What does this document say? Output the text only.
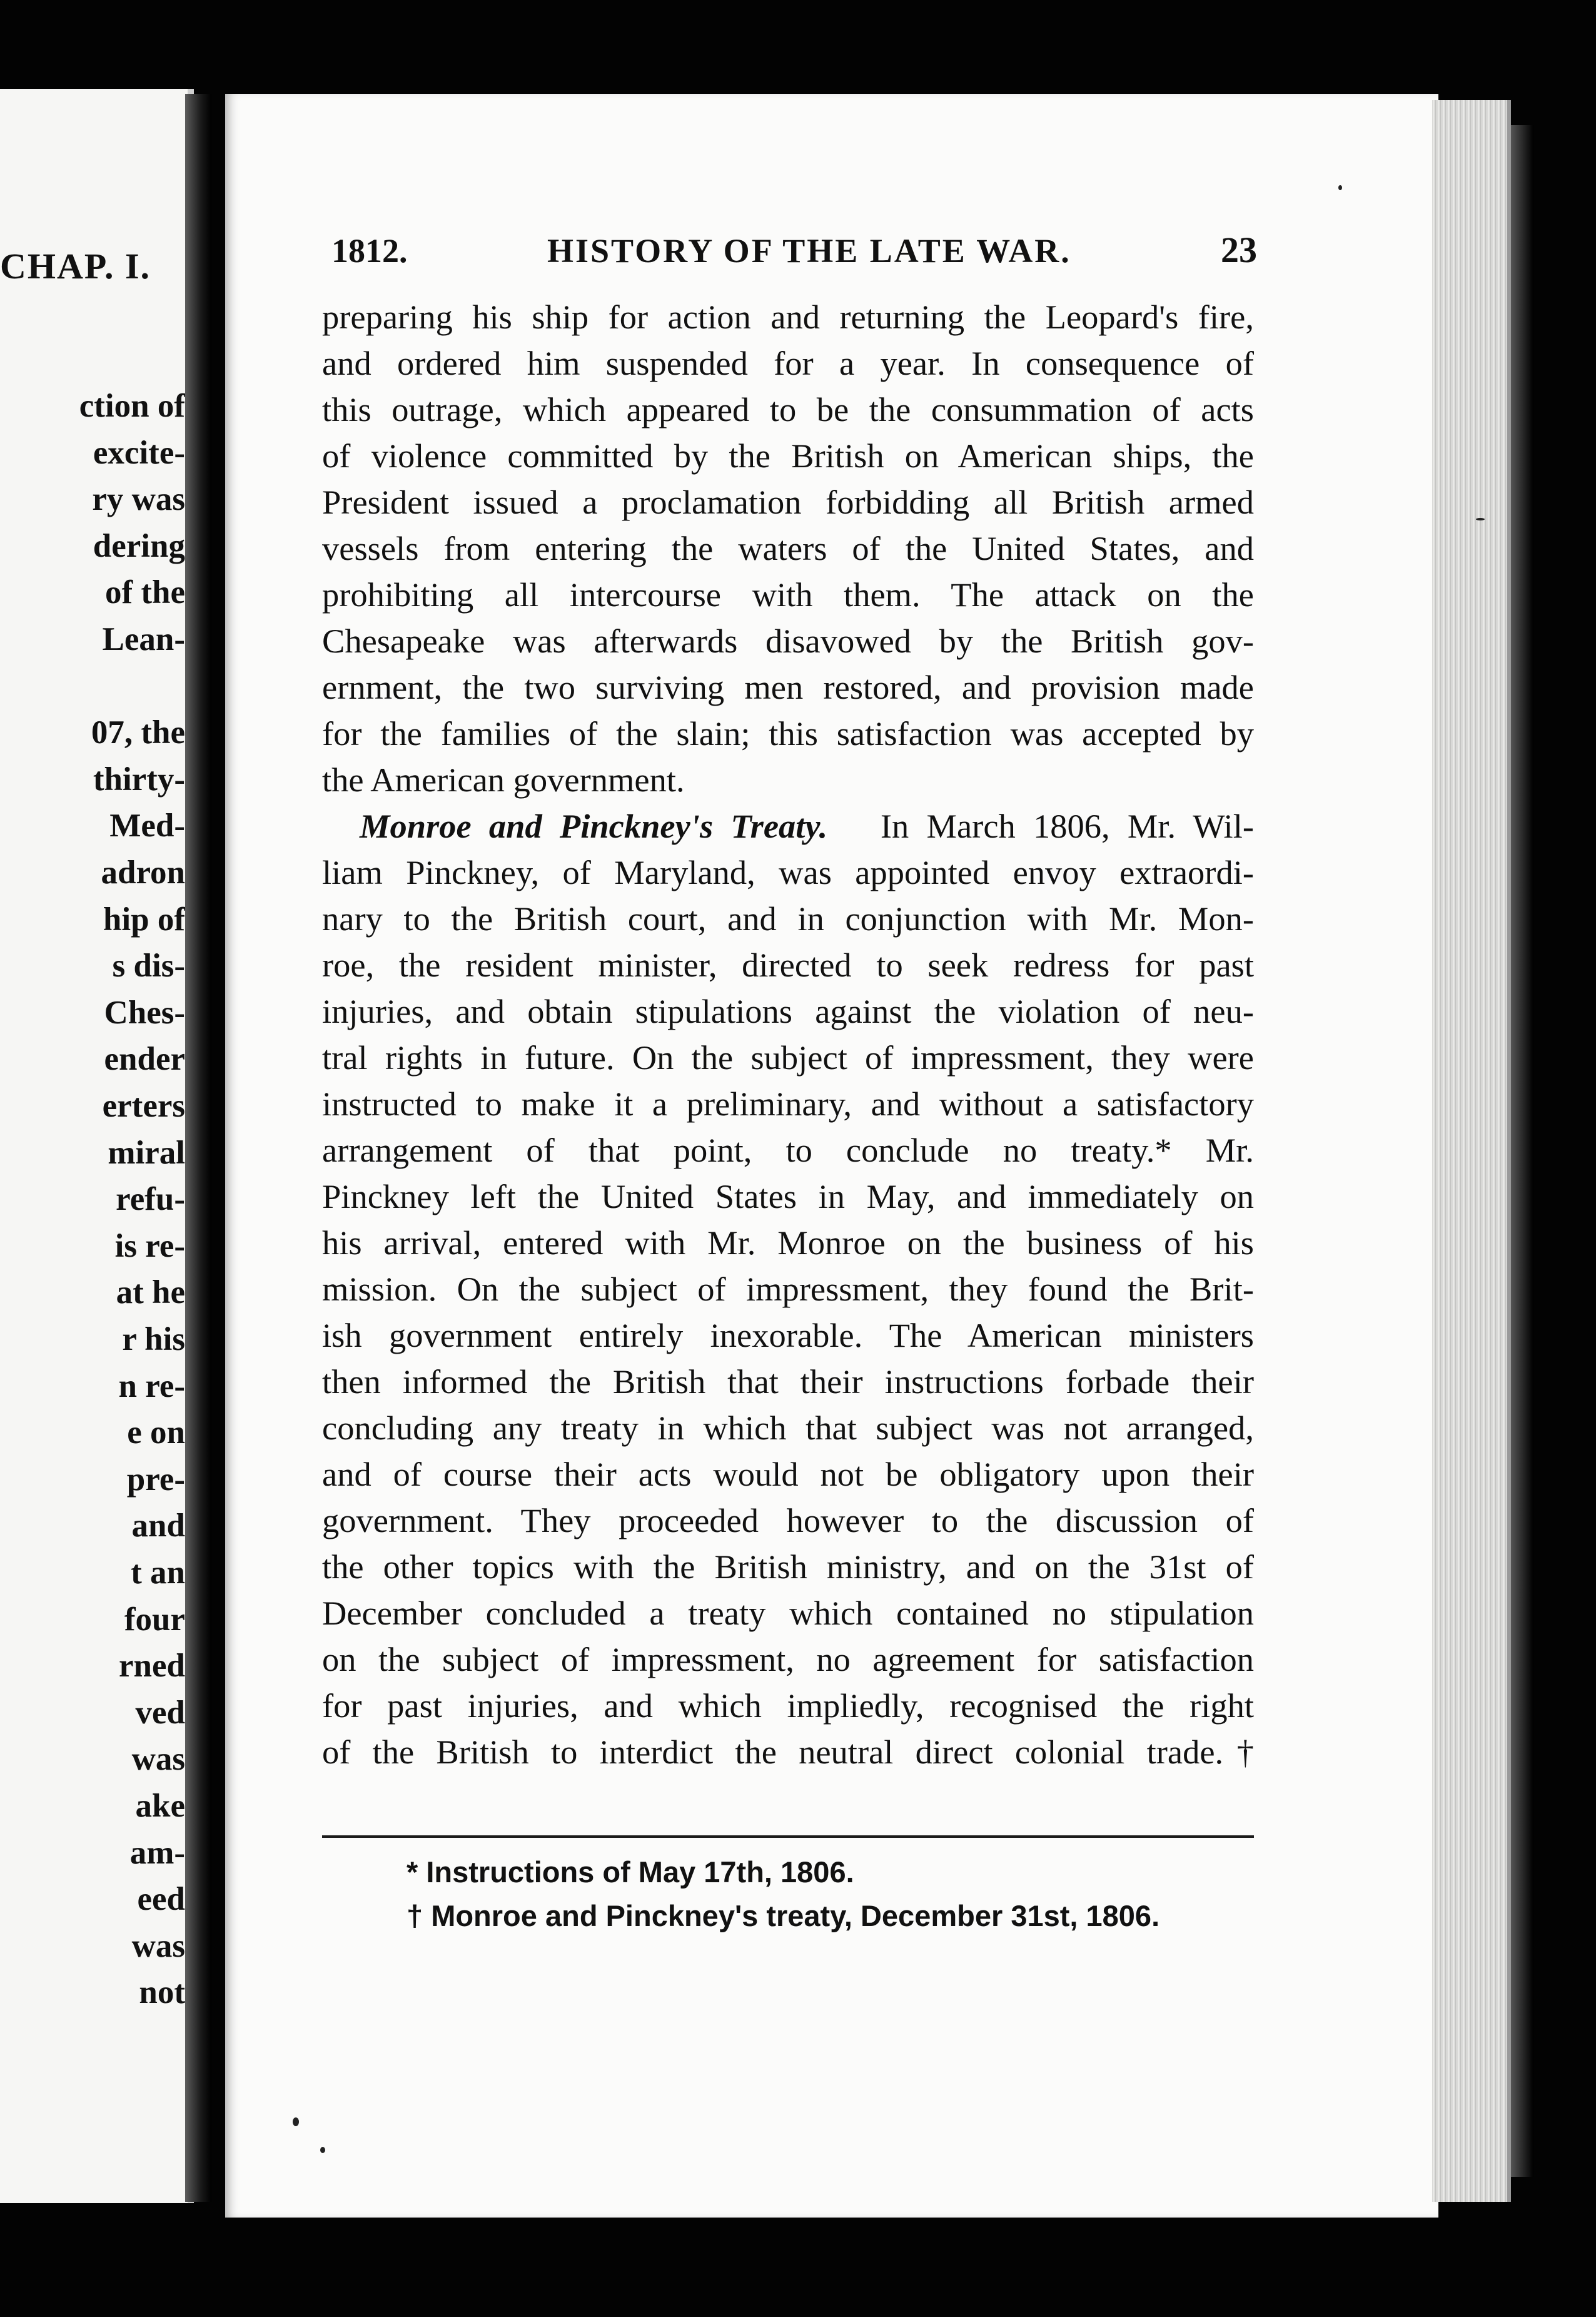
CHAP. I.
ction of
excite-
ry was
dering
of the
Lean-
07, the
thirty-
Med-
adron
hip of
s dis-
Ches-
ender
erters
miral
refu-
is re-
at he
r his
n re-
e on
pre-
and
t an
four
rned
ved
was
ake
am-
eed
was
not
1812.	HISTORY OF THE LATE WAR.	23
preparing his ship for action and returning the Leopard's fire,
and ordered him suspended for a year. In consequence of
this outrage, which appeared to be the consummation of acts
of violence committed by the British on American ships, the
President issued a proclamation forbidding all British armed
vessels from entering the waters of the United States, and
prohibiting all intercourse with them. The attack on the
Chesapeake was afterwards disavowed by the British gov-
ernment, the two surviving men restored, and provision made
for the families of the slain; this satisfaction was accepted by
the American government.
Monroe and Pinckney's Treaty. In March 1806, Mr. Wil-
liam Pinckney, of Maryland, was appointed envoy extraordi-
nary to the British court, and in conjunction with Mr. Mon-
roe, the resident minister, directed to seek redress for past
injuries, and obtain stipulations against the violation of neu-
tral rights in future. On the subject of impressment, they were
instructed to make it a preliminary, and without a satisfactory
arrangement of that point, to conclude no treaty.* Mr.
Pinckney left the United States in May, and immediately on
his arrival, entered with Mr. Monroe on the business of his
mission. On the subject of impressment, they found the Brit-
ish government entirely inexorable. The American ministers
then informed the British that their instructions forbade their
concluding any treaty in which that subject was not arranged,
and of course their acts would not be obligatory upon their
government. They proceeded however to the discussion of
the other topics with the British ministry, and on the 31st of
December concluded a treaty which contained no stipulation
on the subject of impressment, no agreement for satisfaction
for past injuries, and which impliedly, recognised the right
of the British to interdict the neutral direct colonial trade.†
* Instructions of May 17th, 1806.
† Monroe and Pinckney's treaty, December 31st, 1806.
